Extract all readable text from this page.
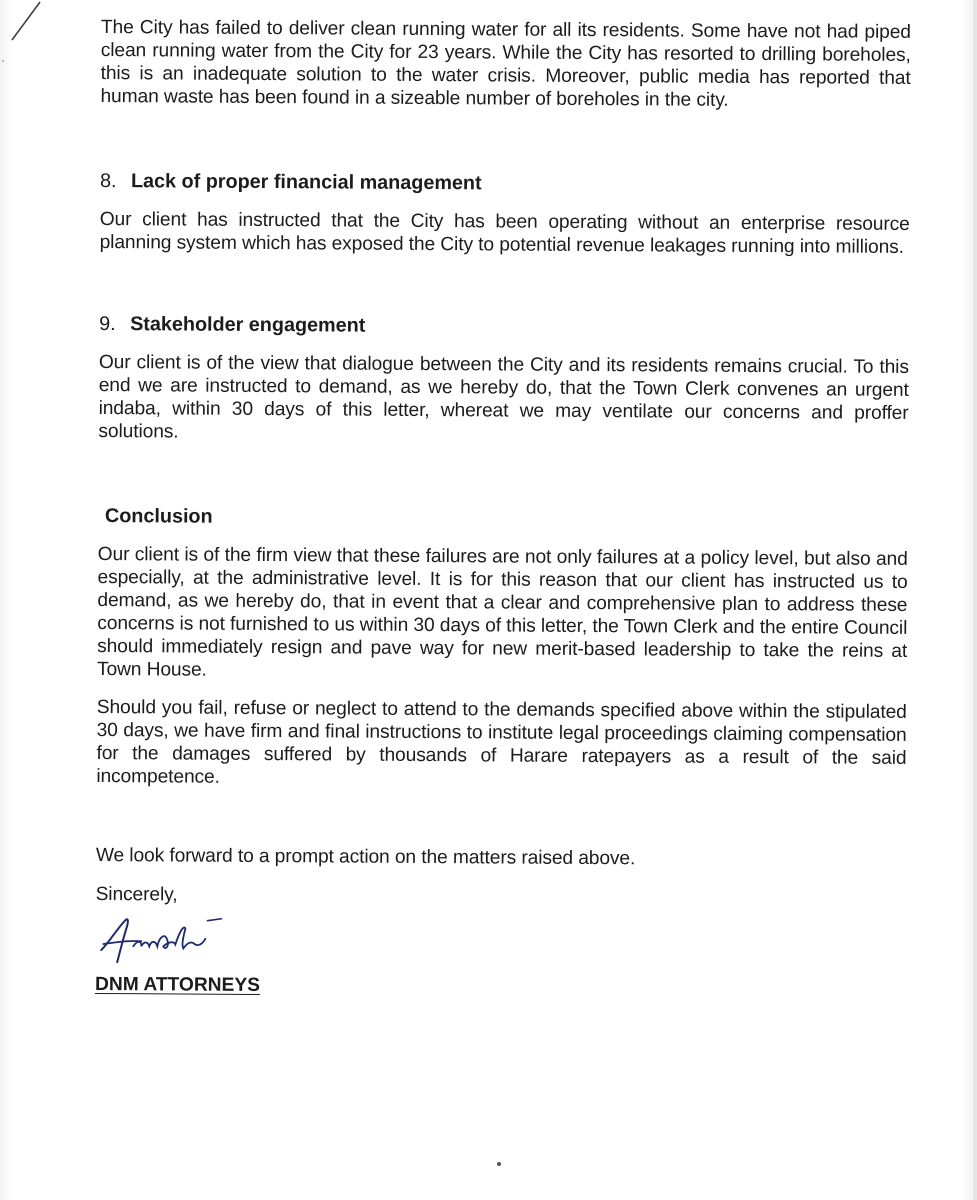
The City has failed to deliver clean running water for all its residents. Some have not had piped clean running water from the City for 23 years. While the City has resorted to drilling boreholes, this is an inadequate solution to the water crisis. Moreover, public media has reported that human waste has been found in a sizeable number of boreholes in the city.

8. Lack of proper financial management

Our client has instructed that the City has been operating without an enterprise resource planning system which has exposed the City to potential revenue leakages running into millions.

9. Stakeholder engagement

Our client is of the view that dialogue between the City and its residents remains crucial. To this end we are instructed to demand, as we hereby do, that the Town Clerk convenes an urgent indaba, within 30 days of this letter, whereat we may ventilate our concerns and proffer solutions.

Conclusion

Our client is of the firm view that these failures are not only failures at a policy level, but also and especially, at the administrative level. It is for this reason that our client has instructed us to demand, as we hereby do, that in event that a clear and comprehensive plan to address these concerns is not furnished to us within 30 days of this letter, the Town Clerk and the entire Council should immediately resign and pave way for new merit-based leadership to take the reins at Town House.

Should you fail, refuse or neglect to attend to the demands specified above within the stipulated 30 days, we have firm and final instructions to institute legal proceedings claiming compensation for the damages suffered by thousands of Harare ratepayers as a result of the said incompetence.

We look forward to a prompt action on the matters raised above.

Sincerely,

DNM ATTORNEYS
